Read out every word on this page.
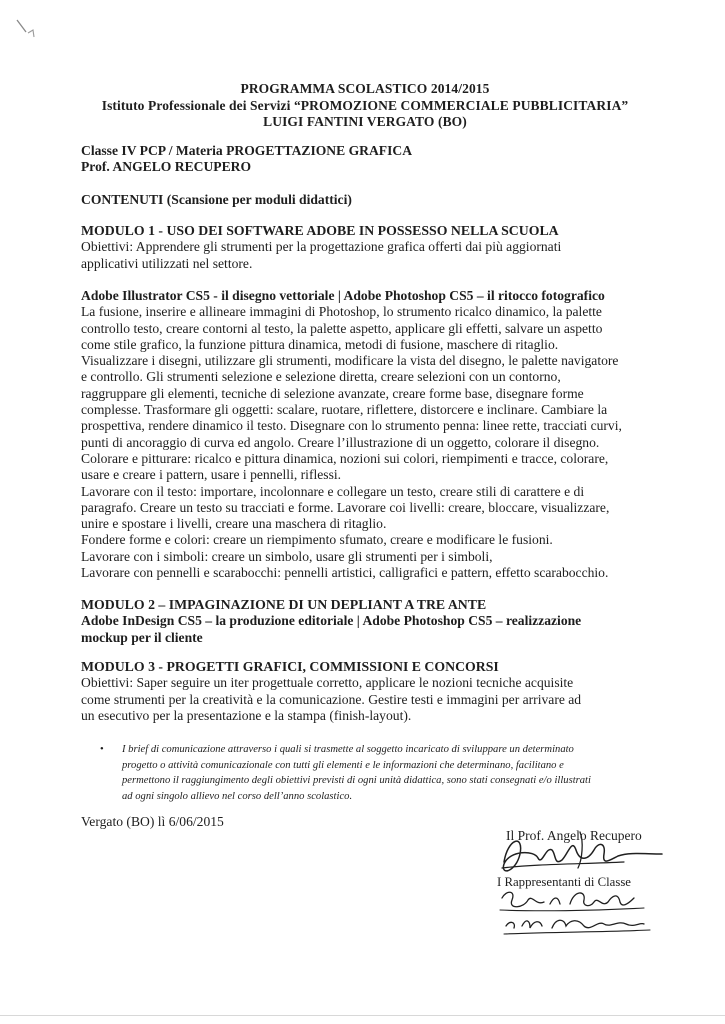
PROGRAMMA SCOLASTICO 2014/2015
Istituto Professionale dei Servizi “PROMOZIONE COMMERCIALE PUBBLICITARIA”
LUIGI FANTINI VERGATO (BO)
Classe IV PCP / Materia PROGETTAZIONE GRAFICA
Prof. ANGELO RECUPERO
CONTENUTI (Scansione per moduli didattici)
MODULO 1 - USO DEI SOFTWARE ADOBE IN POSSESSO NELLA SCUOLA
Obiettivi: Apprendere gli strumenti per la progettazione grafica offerti dai più aggiornati
applicativi utilizzati nel settore.
Adobe Illustrator CS5 - il disegno vettoriale | Adobe Photoshop CS5 – il ritocco fotografico
La fusione, inserire e allineare immagini di Photoshop, lo strumento ricalco dinamico, la palette
controllo testo, creare contorni al testo, la palette aspetto, applicare gli effetti, salvare un aspetto
come stile grafico, la funzione pittura dinamica, metodi di fusione, maschere di ritaglio.
Visualizzare i disegni, utilizzare gli strumenti, modificare la vista del disegno, le palette navigatore
e controllo. Gli strumenti selezione e selezione diretta, creare selezioni con un contorno,
raggruppare gli elementi, tecniche di selezione avanzate, creare forme base, disegnare forme
complesse. Trasformare gli oggetti: scalare, ruotare, riflettere, distorcere e inclinare. Cambiare la
prospettiva, rendere dinamico il testo. Disegnare con lo strumento penna: linee rette, tracciati curvi,
punti di ancoraggio di curva ed angolo. Creare l’illustrazione di un oggetto, colorare il disegno.
Colorare e pitturare: ricalco e pittura dinamica, nozioni sui colori, riempimenti e tracce, colorare,
usare e creare i pattern, usare i pennelli, riflessi.
Lavorare con il testo: importare, incolonnare e collegare un testo, creare stili di carattere e di
paragrafo. Creare un testo su tracciati e forme. Lavorare coi livelli: creare, bloccare, visualizzare,
unire e spostare i livelli, creare una maschera di ritaglio.
Fondere forme e colori: creare un riempimento sfumato, creare e modificare le fusioni.
Lavorare con i simboli: creare un simbolo, usare gli strumenti per i simboli,
Lavorare con pennelli e scarabocchi: pennelli artistici, calligrafici e pattern, effetto scarabocchio.
MODULO 2 – IMPAGINAZIONE DI UN DEPLIANT A TRE ANTE
Adobe InDesign CS5 – la produzione editoriale | Adobe Photoshop CS5 – realizzazione
mockup per il cliente
MODULO 3 - PROGETTI GRAFICI, COMMISSIONI E CONCORSI
Obiettivi: Saper seguire un iter progettuale corretto, applicare le nozioni tecniche acquisite
come strumenti per la creatività e la comunicazione. Gestire testi e immagini per arrivare ad
un esecutivo per la presentazione e la stampa (finish-layout).
• I brief di comunicazione attraverso i quali si trasmette al soggetto incaricato di sviluppare un determinato
progetto o attività comunicazionale con tutti gli elementi e le informazioni che determinano, facilitano e
permettono il raggiungimento degli obiettivi previsti di ogni unità didattica, sono stati consegnati e/o illustrati
ad ogni singolo allievo nel corso dell’anno scolastico.
Vergato (BO) lì 6/06/2015
Il Prof. Angelo Recupero
I Rappresentanti di Classe
